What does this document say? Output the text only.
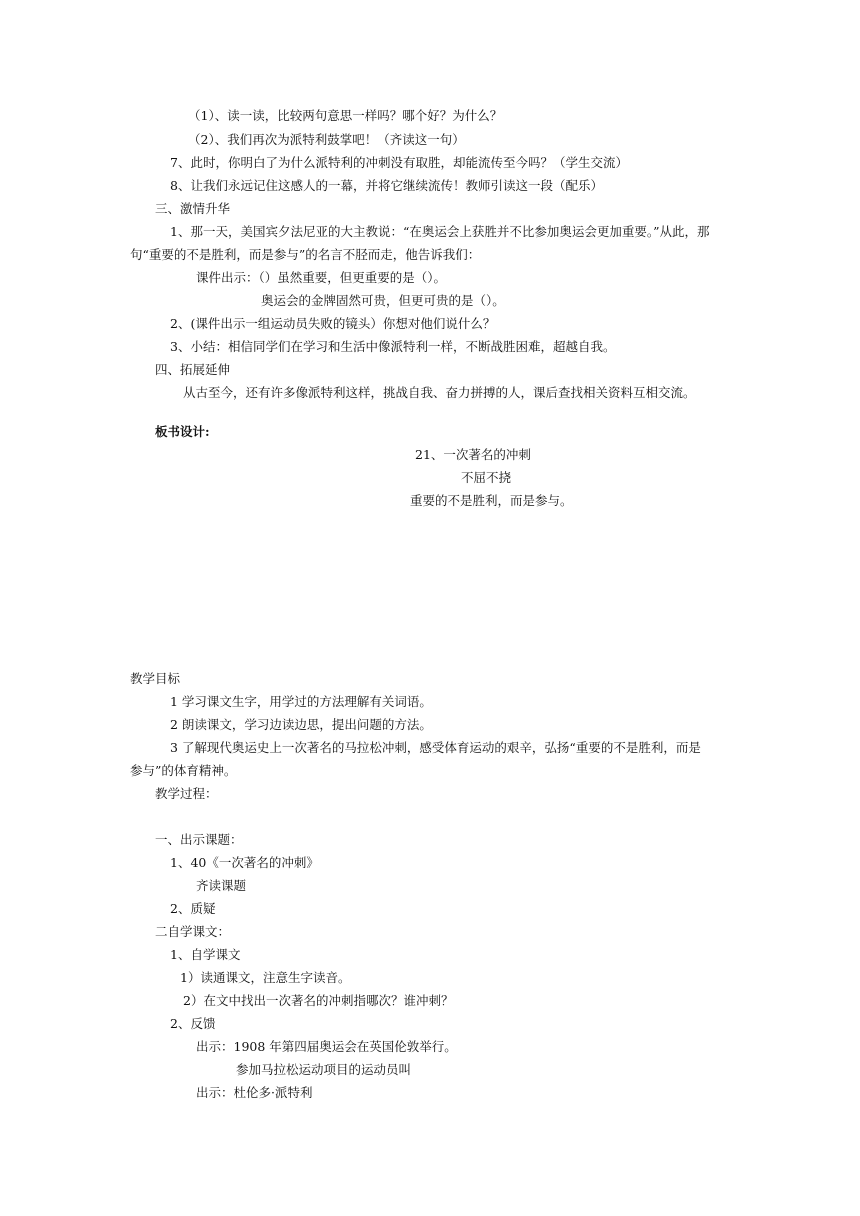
（1）、读一读，比较两句意思一样吗？哪个好？为什么？
（2）、我们再次为派特利鼓掌吧！（齐读这一句）
7、此时，你明白了为什么派特利的冲刺没有取胜，却能流传至今吗？（学生交流）
8、让我们永远记住这感人的一幕，并将它继续流传！教师引读这一段（配乐）
三、激情升华
1、那一天，美国宾夕法尼亚的大主教说：“在奥运会上获胜并不比参加奥运会更加重要。”从此，那
句“重要的不是胜利，而是参与”的名言不胫而走，他告诉我们：
课件出示：（）虽然重要，但更重要的是（）。
奥运会的金牌固然可贵，但更可贵的是（）。
2、(课件出示一组运动员失败的镜头）你想对他们说什么？
3、小结：相信同学们在学习和生活中像派特利一样，不断战胜困难，超越自我。
四、拓展延伸
从古至今，还有许多像派特利这样，挑战自我、奋力拼搏的人，课后查找相关资料互相交流。
板书设计:
21、一次著名的冲刺
不屈不挠
重要的不是胜利，而是参与。
教学目标
1 学习课文生字，用学过的方法理解有关词语。
2 朗读课文，学习边读边思，提出问题的方法。
3 了解现代奥运史上一次著名的马拉松冲刺，感受体育运动的艰辛，弘扬“重要的不是胜利，而是
参与”的体育精神。
教学过程：
一、出示课题：
1、40《一次著名的冲刺》
齐读课题
2、质疑
二自学课文：
1、自学课文
1）读通课文，注意生字读音。
2）在文中找出一次著名的冲刺指哪次？谁冲刺？
2、反馈
出示：1908 年第四届奥运会在英国伦敦举行。
参加马拉松运动项目的运动员叫
出示：杜伦多·派特利
